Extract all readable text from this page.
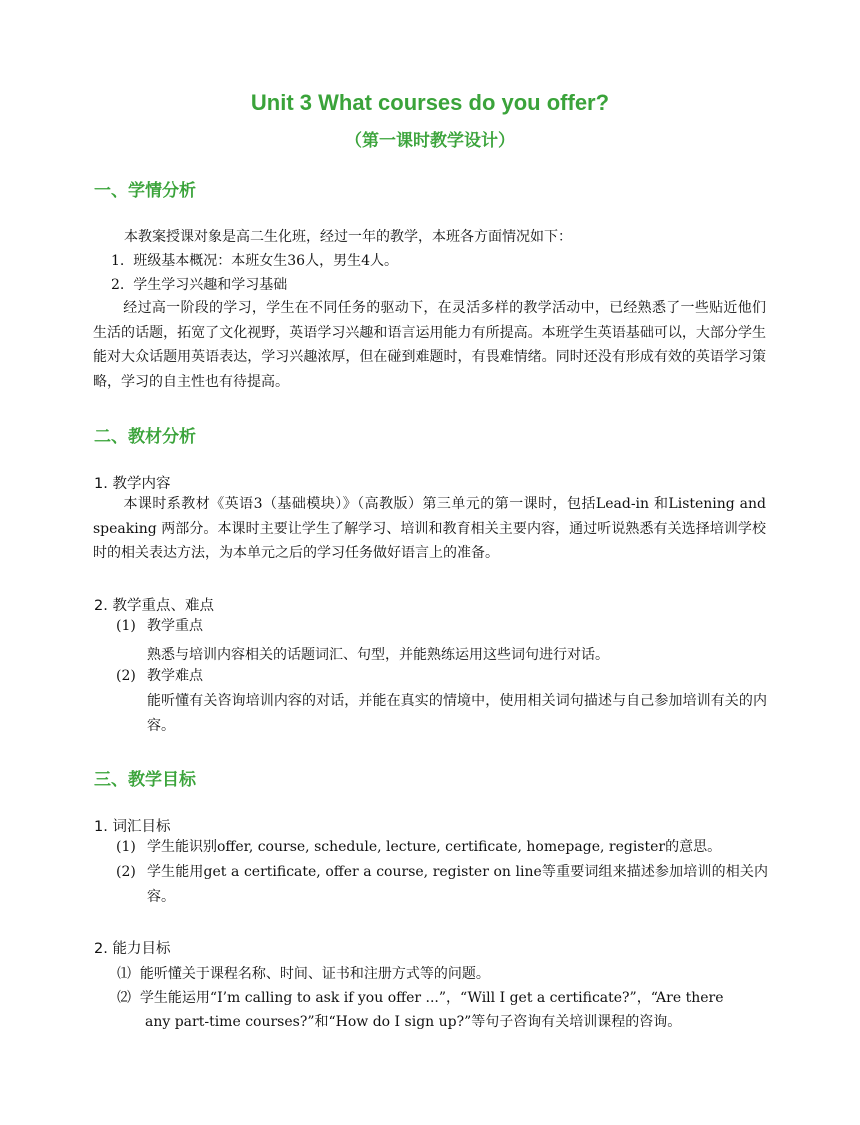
Unit 3 What courses do you offer?
（第一课时教学设计）
一、学情分析
本教案授课对象是高二生化班，经过一年的教学，本班各方面情况如下：
1. 班级基本概况：本班女生36人，男生4人。
2. 学生学习兴趣和学习基础
经过高一阶段的学习，学生在不同任务的驱动下，在灵活多样的教学活动中，已经熟悉了一些贴近他们生活的话题，拓宽了文化视野，英语学习兴趣和语言运用能力有所提高。本班学生英语基础可以，大部分学生能对大众话题用英语表达，学习兴趣浓厚，但在碰到难题时，有畏难情绪。同时还没有形成有效的英语学习策略，学习的自主性也有待提高。
二、教材分析
1. 教学内容
本课时系教材《英语3（基础模块）》（高教版）第三单元的第一课时，包括Lead-in 和Listening and speaking 两部分。本课时主要让学生了解学习、培训和教育相关主要内容，通过听说熟悉有关选择培训学校时的相关表达方法，为本单元之后的学习任务做好语言上的准备。
2. 教学重点、难点
(1) 教学重点
熟悉与培训内容相关的话题词汇、句型，并能熟练运用这些词句进行对话。
(2) 教学难点
能听懂有关咨询培训内容的对话，并能在真实的情境中，使用相关词句描述与自己参加培训有关的内容。
三、教学目标
1. 词汇目标
(1) 学生能识别offer, course, schedule, lecture, certificate, homepage, register的意思。
(2) 学生能用get a certificate, offer a course, register on line等重要词组来描述参加培训的相关内容。
2. 能力目标
⑴ 能听懂关于课程名称、时间、证书和注册方式等的问题。
⑵ 学生能运用“I’m calling to ask if you offer ...”，“Will I get a certificate?”，“Are there
any part-time courses?”和“How do I sign up?”等句子咨询有关培训课程的咨询。
